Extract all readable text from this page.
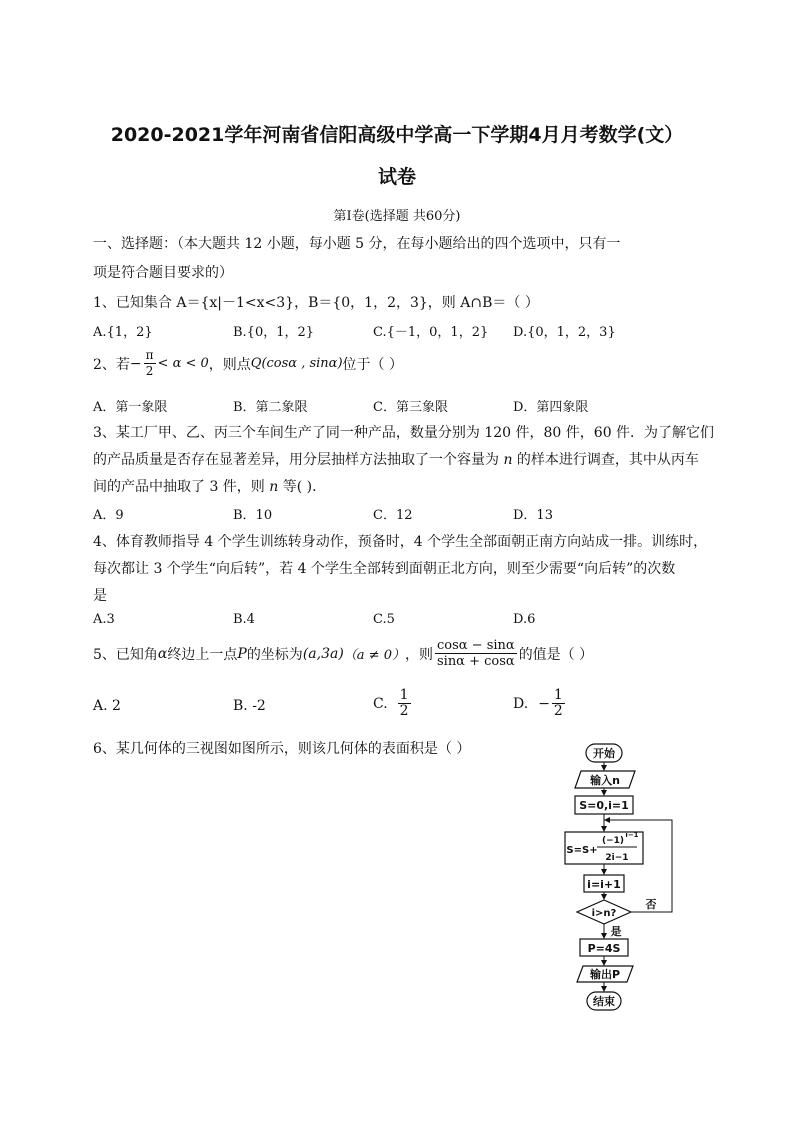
2020-2021学年河南省信阳高级中学高一下学期4月月考数学(文）
试卷
第Ⅰ卷(选择题 共60分)
一、选择题：（本大题共 12 小题，每小题 5 分，在每小题给出的四个选项中，只有一
项是符合题目要求的）
1、已知集合 A＝{x|－1<x<3}，B＝{0，1，2，3}，则 A∩B＝（ ）
A.{1，2}	B.{0，1，2}	C.{－1，0，1，2} D.{0，1，2，3}
2、若 − $\frac{\pi}{2} < \alpha < 0$ ，则点 Q(cosα , sinα) 位于（ ）
A．第一象限	B．第二象限	C．第三象限	D．第四象限
3、某工厂甲、乙、丙三个车间生产了同一种产品，数量分别为 120 件，80 件，60 件．为了解它们
的产品质量是否存在显著差异，用分层抽样方法抽取了一个容量为 n 的样本进行调查，其中从丙车
间的产品中抽取了 3 件，则 n 等( )．
A．9	B．10	C．12	D．13
4、体育教师指导 4 个学生训练转身动作，预备时，4 个学生全部面朝正南方向站成一排。训练时，
每次都让 3 个学生“向后转”，若 4 个学生全部转到面朝正北方向，则至少需要“向后转”的次数
是
A.3	B.4	C.5	D.6
5、已知角 α 终边上一点 P 的坐标为 (a,3a) （a ≠ 0） ，则 $\frac{\cos\alpha - \sin\alpha}{\sin\alpha + \cos\alpha}$ 的值是（ ）
A. 2	B. -2	C. $\frac{1}{2}$	D. − $\frac{1}{2}$
6、某几何体的三视图如图所示，则该几何体的表面积是（ ）	开始
输入n
S=0,i=1
S=S+
(−1)
i−1
2i−1
i=i+1
i>n?
否
是
P=4S
输出P
结束
